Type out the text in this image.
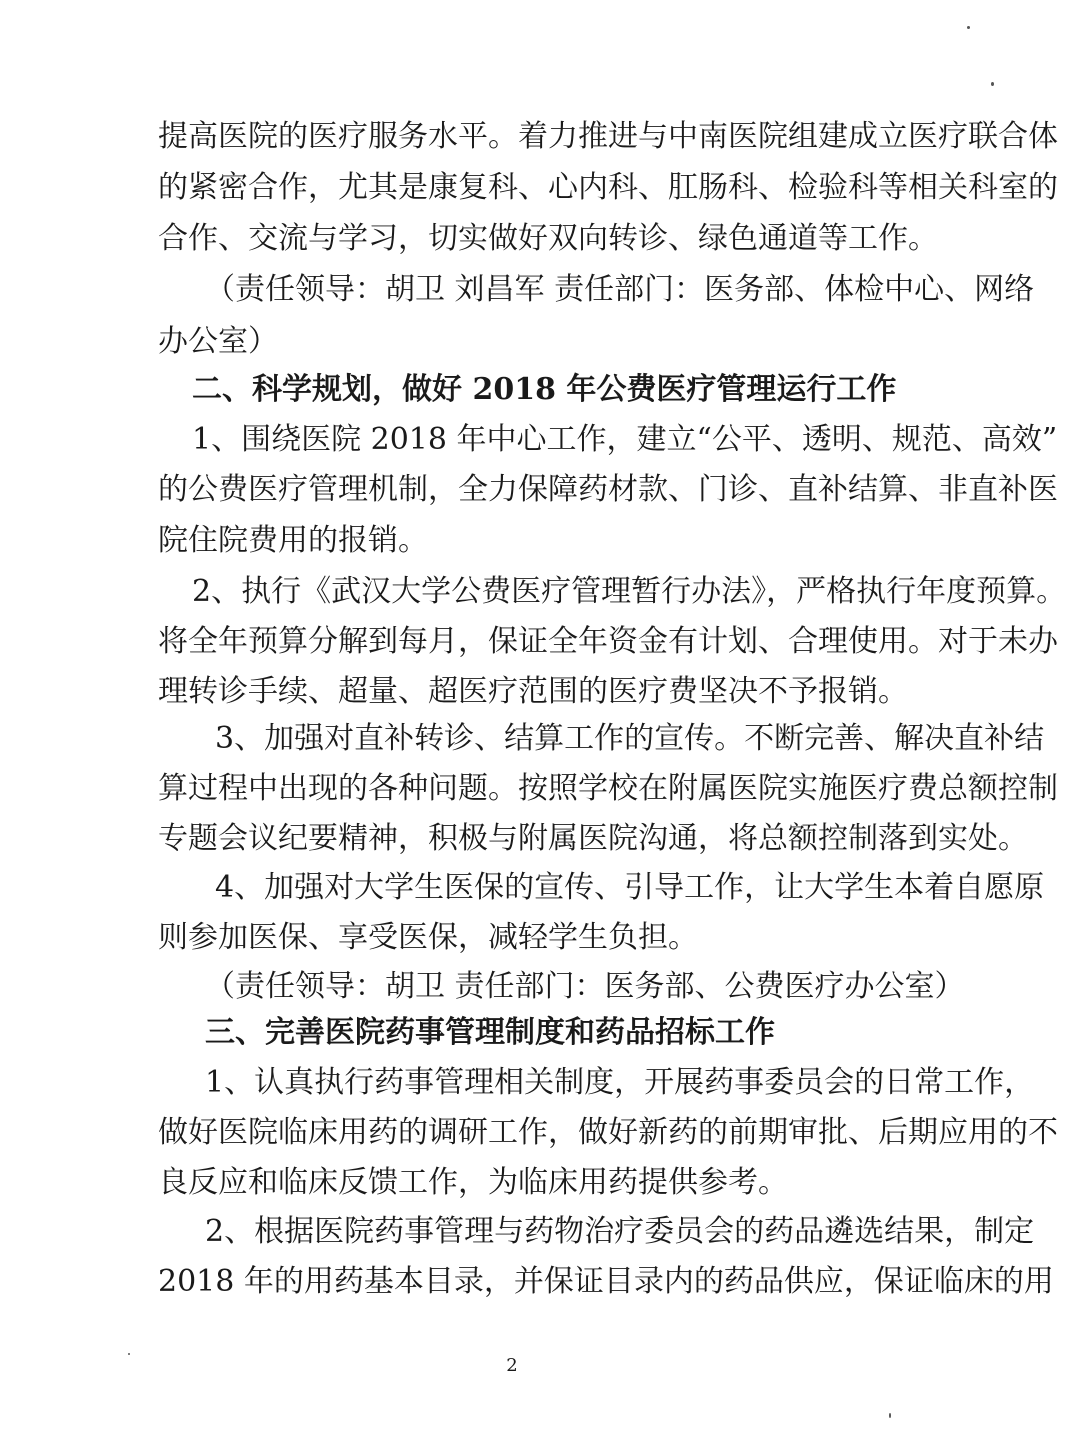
提高医院的医疗服务水平。着力推进与中南医院组建成立医疗联合体
的紧密合作，尤其是康复科、心内科、肛肠科、检验科等相关科室的
合作、交流与学习，切实做好双向转诊、绿色通道等工作。
（责任领导：胡卫 刘昌军 责任部门：医务部、体检中心、网络
办公室）
二、科学规划，做好 2018 年公费医疗管理运行工作
1、围绕医院 2018 年中心工作，建立“公平、透明、规范、高效”
的公费医疗管理机制，全力保障药材款、门诊、直补结算、非直补医
院住院费用的报销。
2、执行《武汉大学公费医疗管理暂行办法》，严格执行年度预算。
将全年预算分解到每月，保证全年资金有计划、合理使用。对于未办
理转诊手续、超量、超医疗范围的医疗费坚决不予报销。
3、加强对直补转诊、结算工作的宣传。不断完善、解决直补结
算过程中出现的各种问题。按照学校在附属医院实施医疗费总额控制
专题会议纪要精神，积极与附属医院沟通，将总额控制落到实处。
4、加强对大学生医保的宣传、引导工作，让大学生本着自愿原
则参加医保、享受医保，减轻学生负担。
（责任领导：胡卫 责任部门：医务部、公费医疗办公室）
三、完善医院药事管理制度和药品招标工作
1、认真执行药事管理相关制度，开展药事委员会的日常工作，
做好医院临床用药的调研工作，做好新药的前期审批、后期应用的不
良反应和临床反馈工作，为临床用药提供参考。
2、根据医院药事管理与药物治疗委员会的药品遴选结果，制定
2018 年的用药基本目录，并保证目录内的药品供应，保证临床的用
2
